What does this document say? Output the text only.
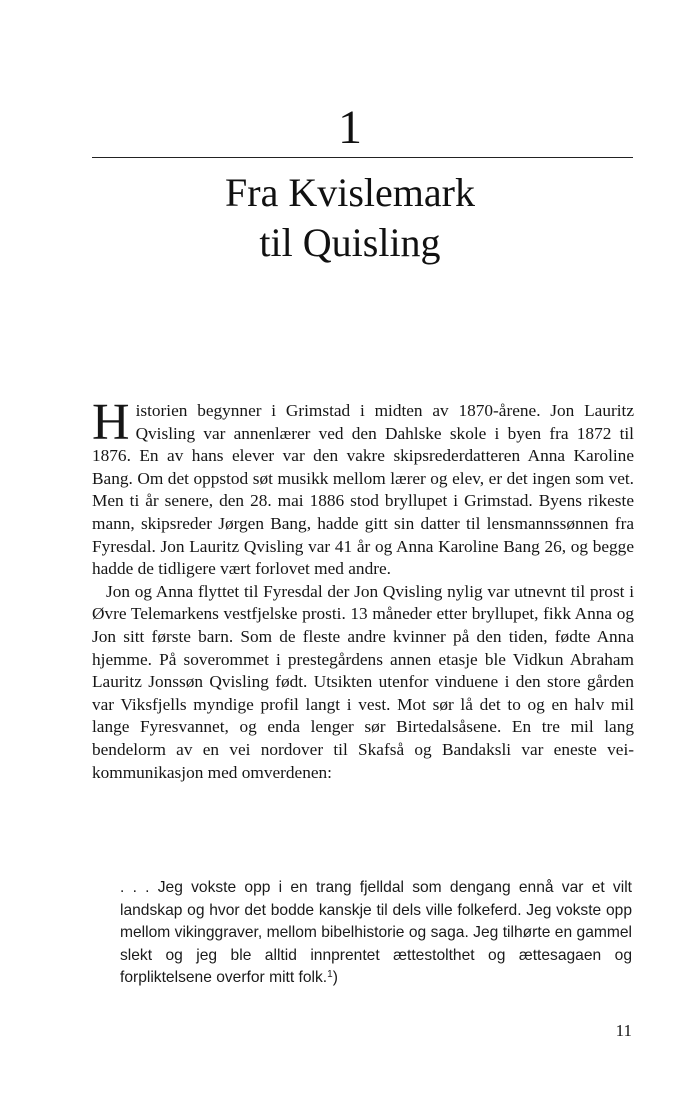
1
Fra Kvislemark
til Quisling

Historien begynner i Grimstad i midten av 1870-årene. Jon Lauritz Qvisling var annenlærer ved den Dahlske skole i byen fra 1872 til 1876. En av hans elever var den vakre skipsrederdatteren Anna Karoline Bang. Om det oppstod søt musikk mellom lærer og elev, er det ingen som vet. Men ti år senere, den 28. mai 1886 stod bryllupet i Grimstad. Byens rikeste mann, skipsreder Jørgen Bang, hadde gitt sin datter til lensmannssønnen fra Fyresdal. Jon Lauritz Qvisling var 41 år og Anna Karoline Bang 26, og begge hadde de tidligere vært forlovet med andre.

Jon og Anna flyttet til Fyresdal der Jon Qvisling nylig var utnevnt til prost i Øvre Telemarkens vestfjelske prosti. 13 måneder etter bryllupet, fikk Anna og Jon sitt første barn. Som de fleste andre kvinner på den tiden, fødte Anna hjemme. På soverommet i prestegårdens annen etasje ble Vidkun Abraham Lauritz Jonssøn Qvisling født. Utsikten utenfor vinduene i den store gården var Viksfjells myndige profil langt i vest. Mot sør lå det to og en halv mil lange Fyresvannet, og enda lenger sør Birtedalsåsene. En tre mil lang bendelorm av en vei nordover til Skafså og Bandaksli var eneste vei-kommunikasjon med omverdenen:

. . . Jeg vokste opp i en trang fjelldal som dengang ennå var et vilt landskap og hvor det bodde kanskje til dels ville folkeferd. Jeg vokste opp mellom vikinggraver, mellom bibelhistorie og saga. Jeg tilhørte en gammel slekt og jeg ble alltid innprentet ættestolthet og ættesagaen og forpliktelsene overfor mitt folk.$^1$)
11
